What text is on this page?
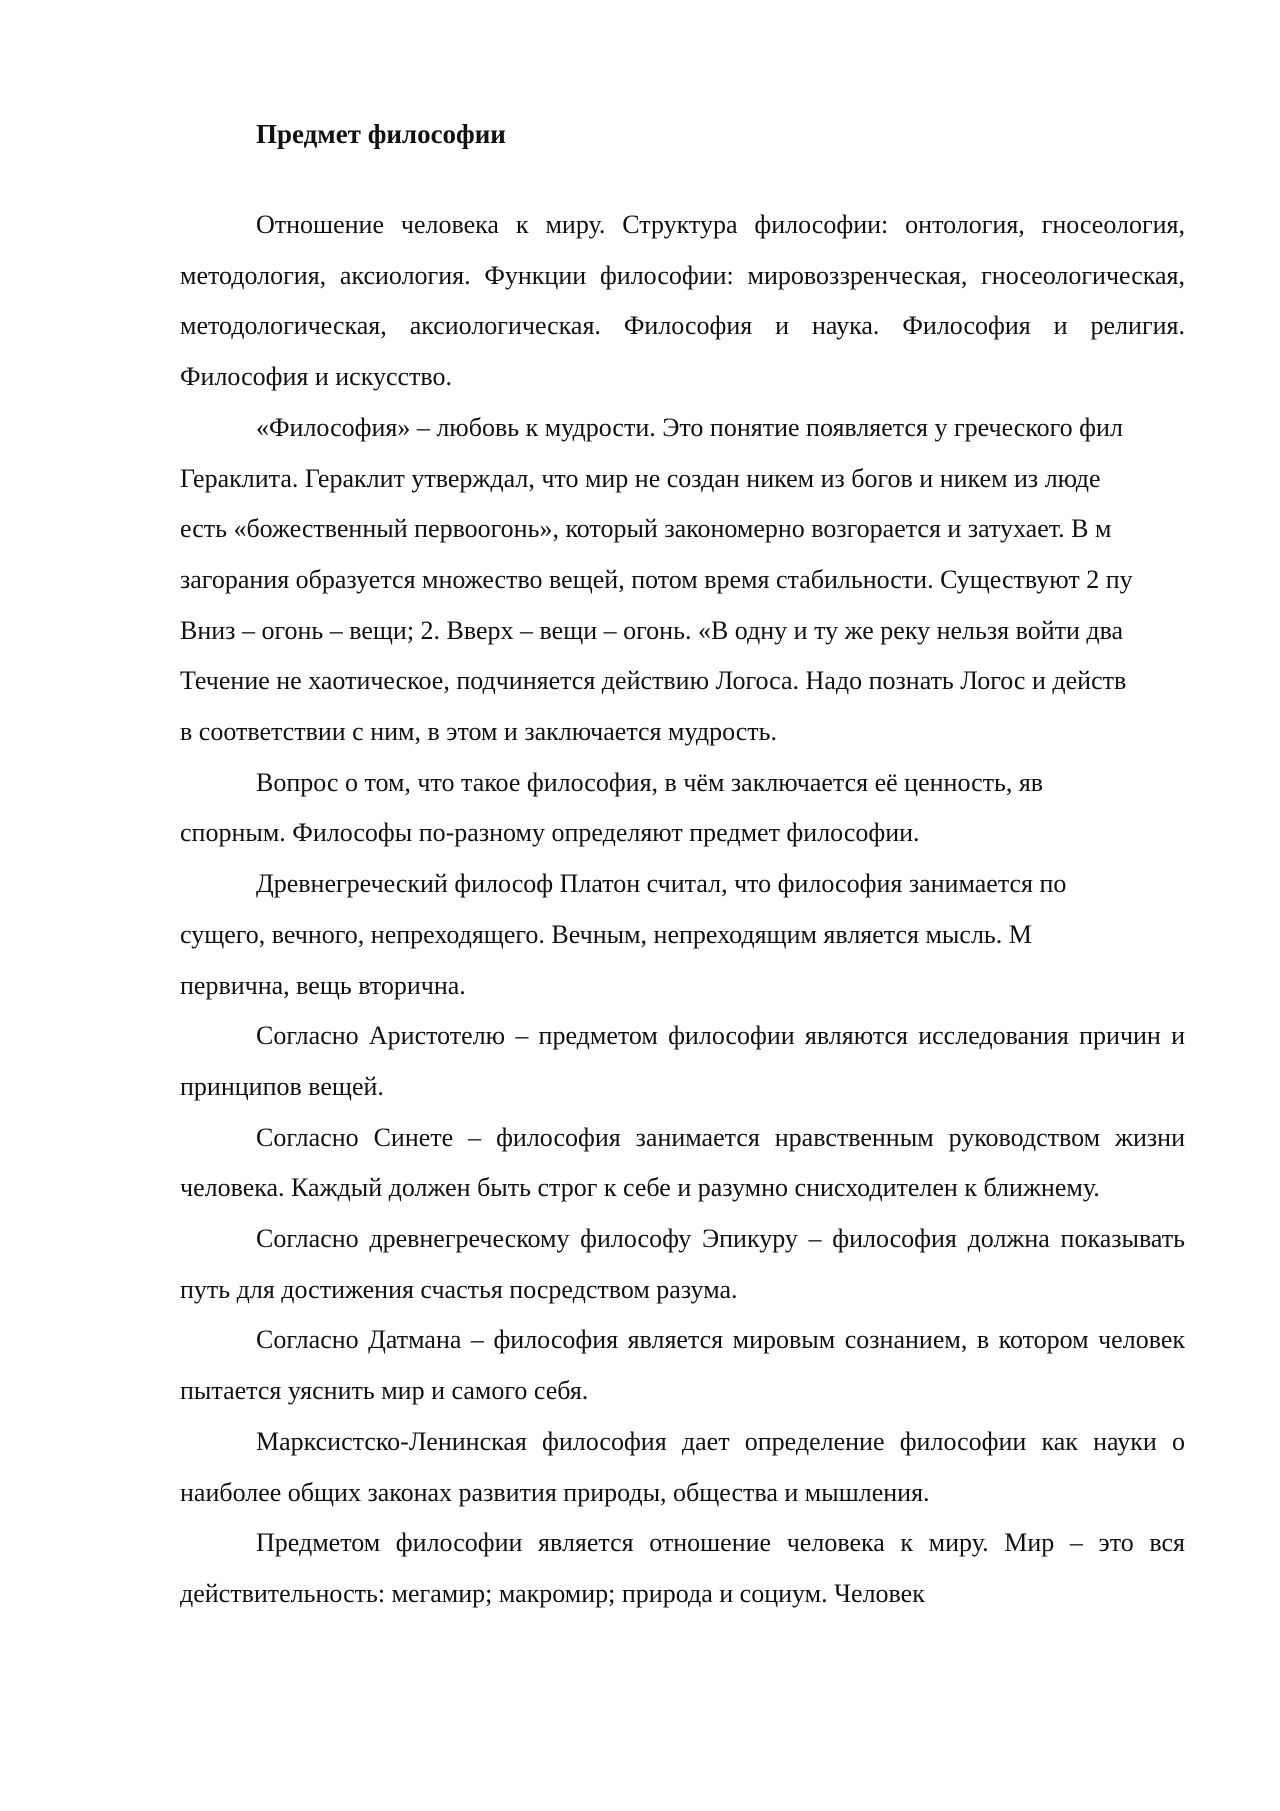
Предмет философии

Отношение человека к миру. Структура философии: онтология, гносеология, методология, аксиология. Функции философии: мировоззренческая, гносеологическая, методологическая, аксиологическая. Философия и наука. Философия и религия. Философия и искусство.

«Философия» – любовь к мудрости. Это понятие появляется у греческого фил
Гераклита. Гераклит утверждал, что мир не создан никем из богов и никем из люде
есть «божественный первоогонь», который закономерно возгорается и затухает. В м
загорания образуется множество вещей, потом время стабильности. Существуют 2 пу
Вниз – огонь – вещи; 2. Вверх – вещи – огонь. «В одну и ту же реку нельзя войти два
Течение не хаотическое, подчиняется действию Логоса. Надо познать Логос и действ
в соответствии с ним, в этом и заключается мудрость.
Вопрос о том, что такое философия, в чём заключается её ценность, яв
спорным. Философы по-разному определяют предмет философии.
Древнегреческий философ Платон считал, что философия занимается по
сущего, вечного, непреходящего. Вечным, непреходящим является мысль. М
первична, вещь вторична.

Согласно Аристотелю – предметом философии являются исследования причин и принципов вещей.

Согласно Синете – философия занимается нравственным руководством жизни человека. Каждый должен быть строг к себе и разумно снисходителен к ближнему.

Согласно древнегреческому философу Эпикуру – философия должна показывать путь для достижения счастья посредством разума.

Согласно Датмана – философия является мировым сознанием, в котором человек пытается уяснить мир и самого себя.

Марксистско-Ленинская философия дает определение философии как науки о наиболее общих законах развития природы, общества и мышления.

Предметом философии является отношение человека к миру. Мир – это вся действительность: мегамир; макромир; природа и социум. Человек
